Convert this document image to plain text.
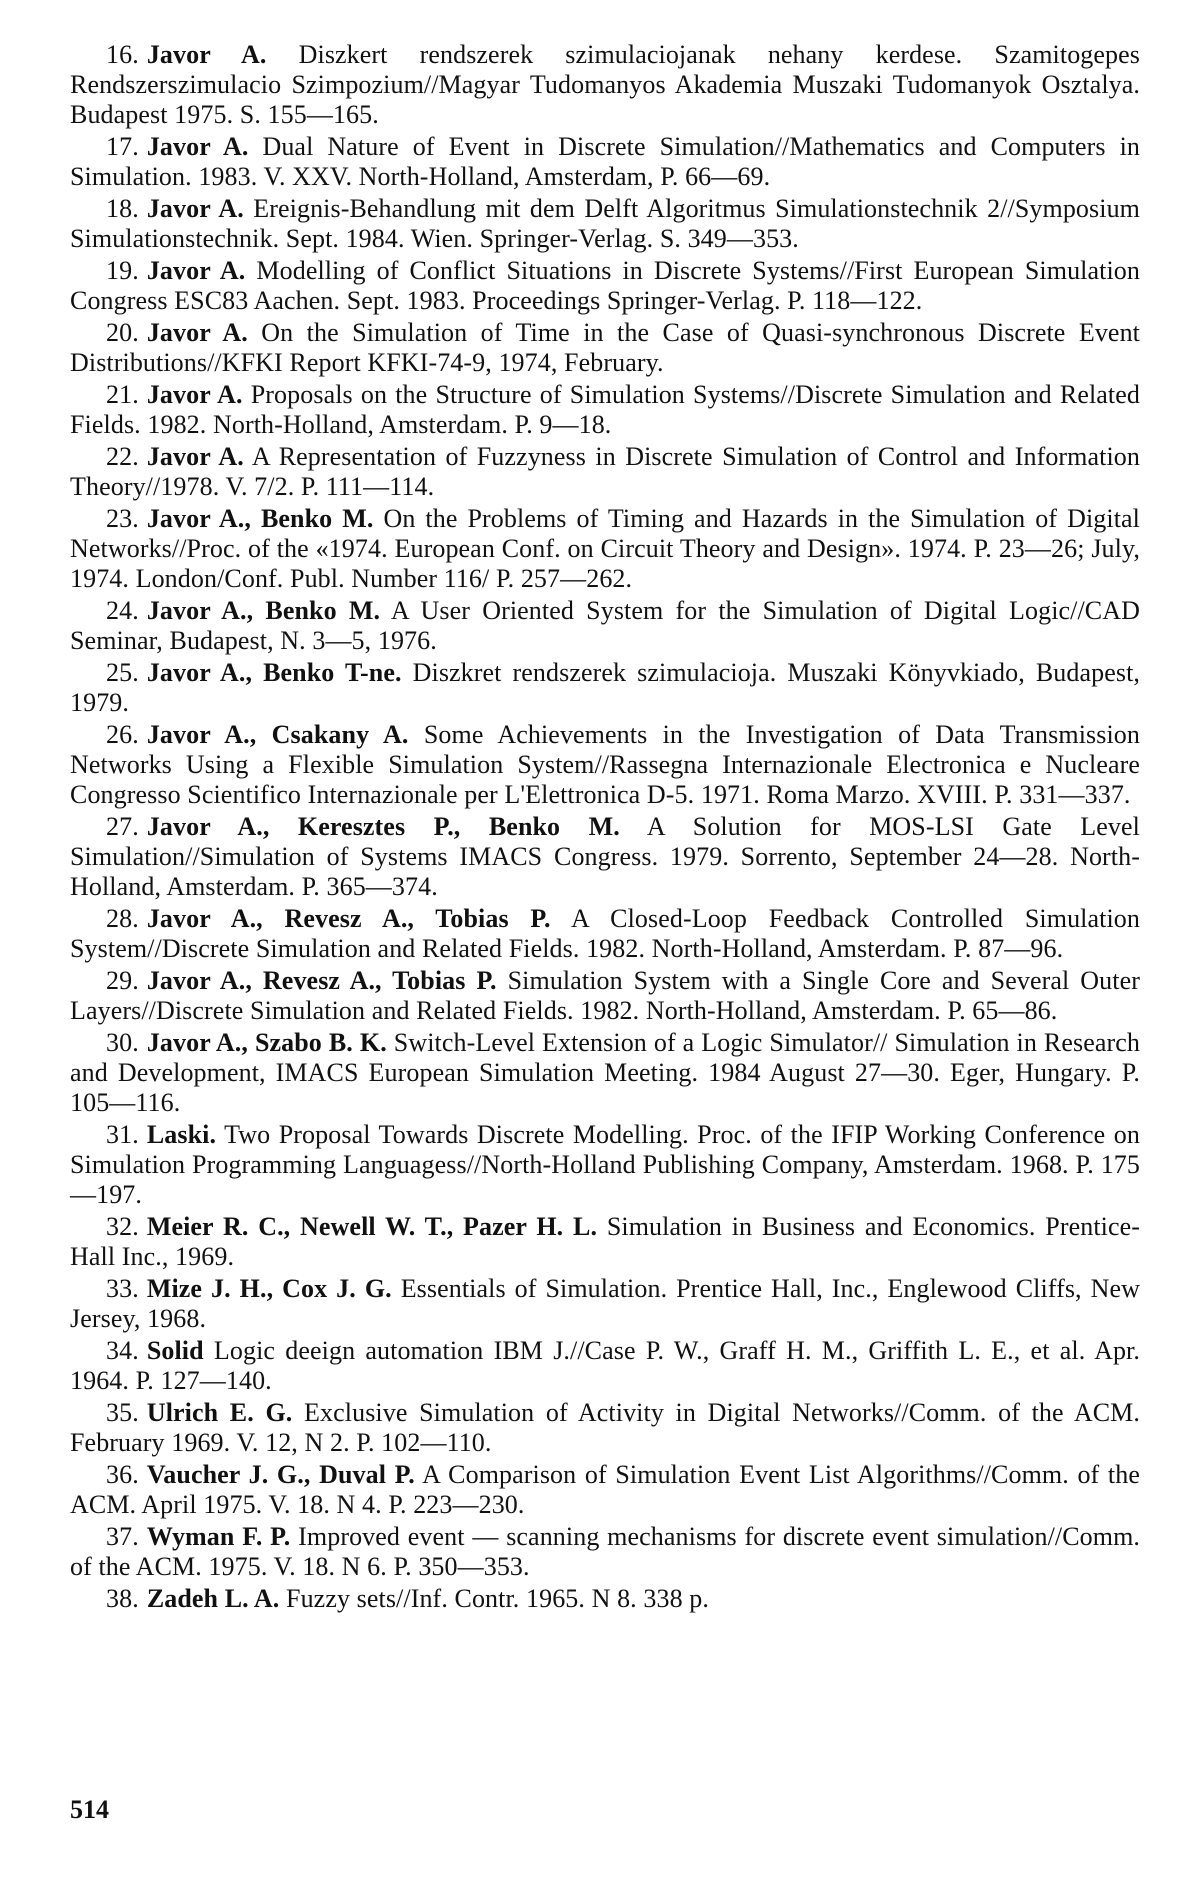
16. Javor A. Diszkert rendszerek szimulaciojanak nehany kerdese. Szamitogepes Rendszerszimulacio Szimpozium//Magyar Tudomanyos Akademia Muszaki Tudomanyok Osztalya. Budapest 1975. S. 155—165.
17. Javor A. Dual Nature of Event in Discrete Simulation//Mathematics and Computers in Simulation. 1983. V. XXV. North-Holland, Amsterdam, P. 66—69.
18. Javor A. Ereignis-Behandlung mit dem Delft Algoritmus Simulationstechnik 2//Symposium Simulationstechnik. Sept. 1984. Wien. Springer-Verlag. S. 349—353.
19. Javor A. Modelling of Conflict Situations in Discrete Systems//First European Simulation Congress ESC83 Aachen. Sept. 1983. Proceedings Springer-Verlag. P. 118—122.
20. Javor A. On the Simulation of Time in the Case of Quasi-synchronous Discrete Event Distributions//KFKI Report KFKI-74-9, 1974, February.
21. Javor A. Proposals on the Structure of Simulation Systems//Discrete Simulation and Related Fields. 1982. North-Holland, Amsterdam. P. 9—18.
22. Javor A. A Representation of Fuzzyness in Discrete Simulation of Control and Information Theory//1978. V. 7/2. P. 111—114.
23. Javor A., Benko M. On the Problems of Timing and Hazards in the Simulation of Digital Networks//Proc. of the «1974. European Conf. on Circuit Theory and Design». 1974. P. 23—26; July, 1974. London/Conf. Publ. Number 116/ P. 257—262.
24. Javor A., Benko M. A User Oriented System for the Simulation of Digital Logic//CAD Seminar, Budapest, N. 3—5, 1976.
25. Javor A., Benko T-ne. Diszkret rendszerek szimulacioja. Muszaki Könyvkiado, Budapest, 1979.
26. Javor A., Csakany A. Some Achievements in the Investigation of Data Transmission Networks Using a Flexible Simulation System//Rassegna Internazionale Electronica e Nucleare Congresso Scientifico Internazionale per L'Elettronica D-5. 1971. Roma Marzo. XVIII. P. 331—337.
27. Javor A., Keresztes P., Benko M. A Solution for MOS-LSI Gate Level Simulation//Simulation of Systems IMACS Congress. 1979. Sorrento, September 24—28. North-Holland, Amsterdam. P. 365—374.
28. Javor A., Revesz A., Tobias P. A Closed-Loop Feedback Controlled Simulation System//Discrete Simulation and Related Fields. 1982. North-Holland, Amsterdam. P. 87—96.
29. Javor A., Revesz A., Tobias P. Simulation System with a Single Core and Several Outer Layers//Discrete Simulation and Related Fields. 1982. North-Holland, Amsterdam. P. 65—86.
30. Javor A., Szabo B. K. Switch-Level Extension of a Logic Simulator// Simulation in Research and Development, IMACS European Simulation Meeting. 1984 August 27—30. Eger, Hungary. P. 105—116.
31. Laski. Two Proposal Towards Discrete Modelling. Proc. of the IFIP Working Conference on Simulation Programming Languagess//North-Holland Publishing Company, Amsterdam. 1968. P. 175—197.
32. Meier R. C., Newell W. T., Pazer H. L. Simulation in Business and Economics. Prentice-Hall Inc., 1969.
33. Mize J. H., Cox J. G. Essentials of Simulation. Prentice Hall, Inc., Englewood Cliffs, New Jersey, 1968.
34. Solid Logic deeign automation IBM J.//Case P. W., Graff H. M., Griffith L. E., et al. Apr. 1964. P. 127—140.
35. Ulrich E. G. Exclusive Simulation of Activity in Digital Networks//Comm. of the ACM. February 1969. V. 12, N 2. P. 102—110.
36. Vaucher J. G., Duval P. A Comparison of Simulation Event List Algorithms//Comm. of the ACM. April 1975. V. 18. N 4. P. 223—230.
37. Wyman F. P. Improved event — scanning mechanisms for discrete event simulation//Comm. of the ACM. 1975. V. 18. N 6. P. 350—353.
38. Zadeh L. A. Fuzzy sets//Inf. Contr. 1965. N 8. 338 p.
514
